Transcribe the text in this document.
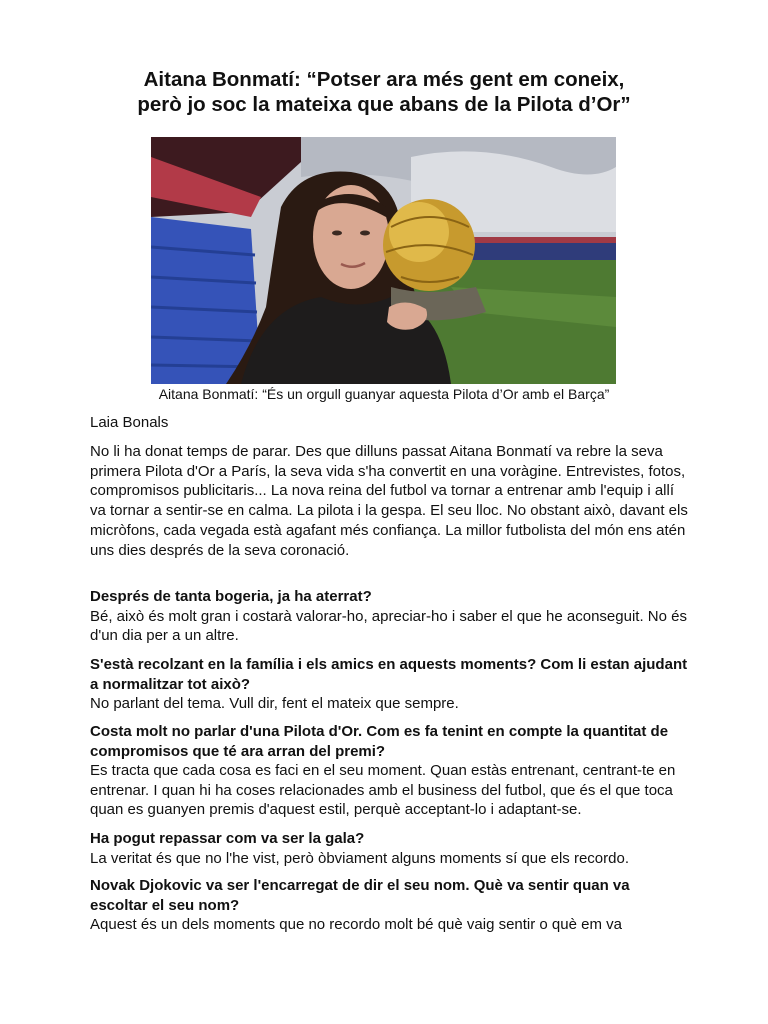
Aitana Bonmatí: “Potser ara més gent em coneix,
però jo soc la mateixa que abans de la Pilota d’Or”
Aitana Bonmatí: “És un orgull guanyar aquesta Pilota d’Or amb el Barça”
Laia Bonals

No li ha donat temps de parar. Des que dilluns passat Aitana Bonmatí va rebre la seva primera Pilota d'Or a París, la seva vida s'ha convertit en una voràgine. Entrevistes, fotos, compromisos publicitaris... La nova reina del futbol va tornar a entrenar amb l'equip i allí va tornar a sentir-se en calma. La pilota i la gespa. El seu lloc. No obstant això, davant els micròfons, cada vegada està agafant més confiança. La millor futbolista del món ens atén uns dies després de la seva coronació.

Després de tanta bogeria, ja ha aterrat?
Bé, això és molt gran i costarà valorar-ho, apreciar-ho i saber el que he aconseguit. No és d'un dia per a un altre.
S'està recolzant en la família i els amics en aquests moments? Com li estan ajudant a normalitzar tot això?
No parlant del tema. Vull dir, fent el mateix que sempre.
Costa molt no parlar d'una Pilota d'Or. Com es fa tenint en compte la quantitat de compromisos que té ara arran del premi?
Es tracta que cada cosa es faci en el seu moment. Quan estàs entrenant, centrant-te en entrenar. I quan hi ha coses relacionades amb el business del futbol, que és el que toca quan es guanyen premis d'aquest estil, perquè acceptant-lo i adaptant-se.
Ha pogut repassar com va ser la gala?
La veritat és que no l'he vist, però òbviament alguns moments sí que els recordo.
Novak Djokovic va ser l'encarregat de dir el seu nom. Què va sentir quan va escoltar el seu nom?
Aquest és un dels moments que no recordo molt bé què vaig sentir o què em va
